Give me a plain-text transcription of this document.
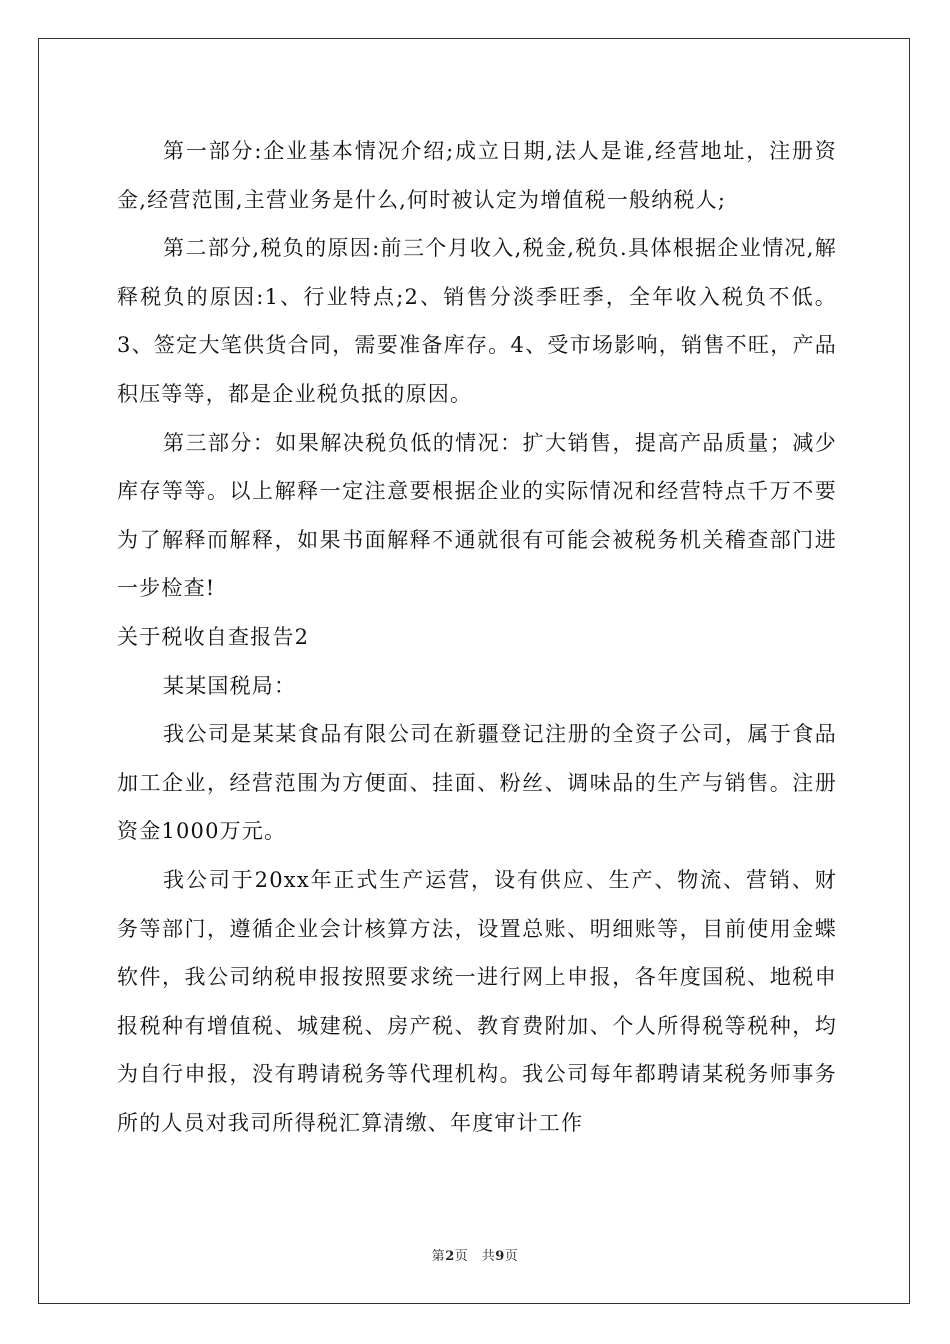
第一部分:企业基本情况介绍;成立日期,法人是谁,经营地址，注册资金,经营范围,主营业务是什么,何时被认定为增值税一般纳税人;

第二部分,税负的原因:前三个月收入,税金,税负.具体根据企业情况,解释税负的原因:1、行业特点;2、销售分淡季旺季，全年收入税负不低。3、签定大笔供货合同，需要准备库存。4、受市场影响，销售不旺，产品积压等等，都是企业税负抵的原因。

第三部分：如果解决税负低的情况：扩大销售，提高产品质量；减少库存等等。以上解释一定注意要根据企业的实际情况和经营特点千万不要为了解释而解释，如果书面解释不通就很有可能会被税务机关稽查部门进一步检查!

关于税收自查报告2

某某国税局：

我公司是某某食品有限公司在新疆登记注册的全资子公司，属于食品加工企业，经营范围为方便面、挂面、粉丝、调味品的生产与销售。注册资金1000万元。

我公司于20xx年正式生产运营，设有供应、生产、物流、营销、财务等部门，遵循企业会计核算方法，设置总账、明细账等，目前使用金蝶软件，我公司纳税申报按照要求统一进行网上申报，各年度国税、地税申报税种有增值税、城建税、房产税、教育费附加、个人所得税等税种，均为自行申报，没有聘请税务等代理机构。我公司每年都聘请某税务师事务所的人员对我司所得税汇算清缴、年度审计工作

第2页　共9页
